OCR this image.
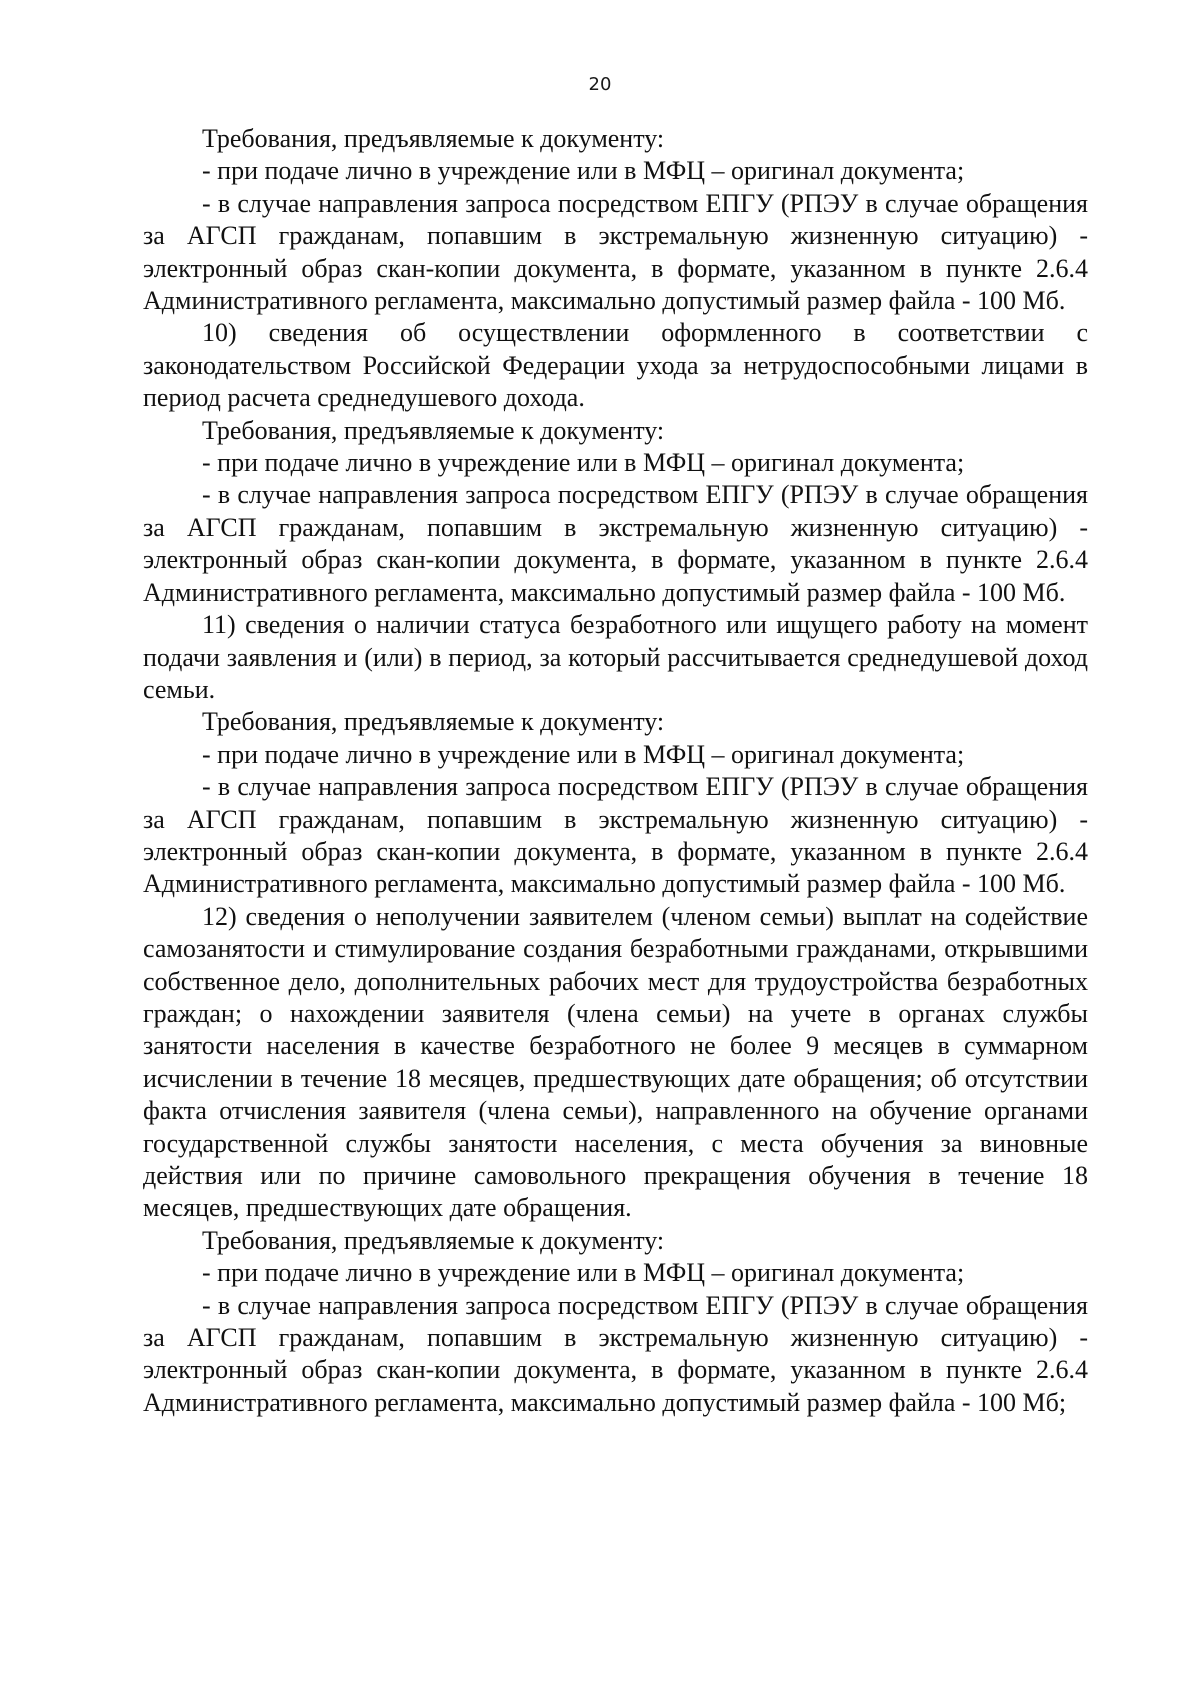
20

Требования, предъявляемые к документу:

- при подаче лично в учреждение или в МФЦ – оригинал документа;

- в случае направления запроса посредством ЕПГУ (РПЭУ в случае обращения за АГСП гражданам, попавшим в экстремальную жизненную ситуацию) - электронный образ скан-копии документа, в формате, указанном в пункте 2.6.4 Административного регламента, максимально допустимый размер файла - 100 Мб.

10) сведения об осуществлении оформленного в соответствии с законодательством Российской Федерации ухода за нетрудоспособными лицами в период расчета среднедушевого дохода.

Требования, предъявляемые к документу:

- при подаче лично в учреждение или в МФЦ – оригинал документа;

- в случае направления запроса посредством ЕПГУ (РПЭУ в случае обращения за АГСП гражданам, попавшим в экстремальную жизненную ситуацию) - электронный образ скан-копии документа, в формате, указанном в пункте 2.6.4 Административного регламента, максимально допустимый размер файла - 100 Мб.

11) сведения о наличии статуса безработного или ищущего работу на момент подачи заявления и (или) в период, за который рассчитывается среднедушевой доход семьи.

Требования, предъявляемые к документу:

- при подаче лично в учреждение или в МФЦ – оригинал документа;

- в случае направления запроса посредством ЕПГУ (РПЭУ в случае обращения за АГСП гражданам, попавшим в экстремальную жизненную ситуацию) - электронный образ скан-копии документа, в формате, указанном в пункте 2.6.4 Административного регламента, максимально допустимый размер файла - 100 Мб.

12) сведения о неполучении заявителем (членом семьи) выплат на содействие самозанятости и стимулирование создания безработными гражданами, открывшими собственное дело, дополнительных рабочих мест для трудоустройства безработных граждан; о нахождении заявителя (члена семьи) на учете в органах службы занятости населения в качестве безработного не более 9 месяцев в суммарном исчислении в течение 18 месяцев, предшествующих дате обращения; об отсутствии факта отчисления заявителя (члена семьи), направленного на обучение органами государственной службы занятости населения, с места обучения за виновные действия или по причине самовольного прекращения обучения в течение 18 месяцев, предшествующих дате обращения.

Требования, предъявляемые к документу:

- при подаче лично в учреждение или в МФЦ – оригинал документа;

- в случае направления запроса посредством ЕПГУ (РПЭУ в случае обращения за АГСП гражданам, попавшим в экстремальную жизненную ситуацию) - электронный образ скан-копии документа, в формате, указанном в пункте 2.6.4 Административного регламента, максимально допустимый размер файла - 100 Мб;
